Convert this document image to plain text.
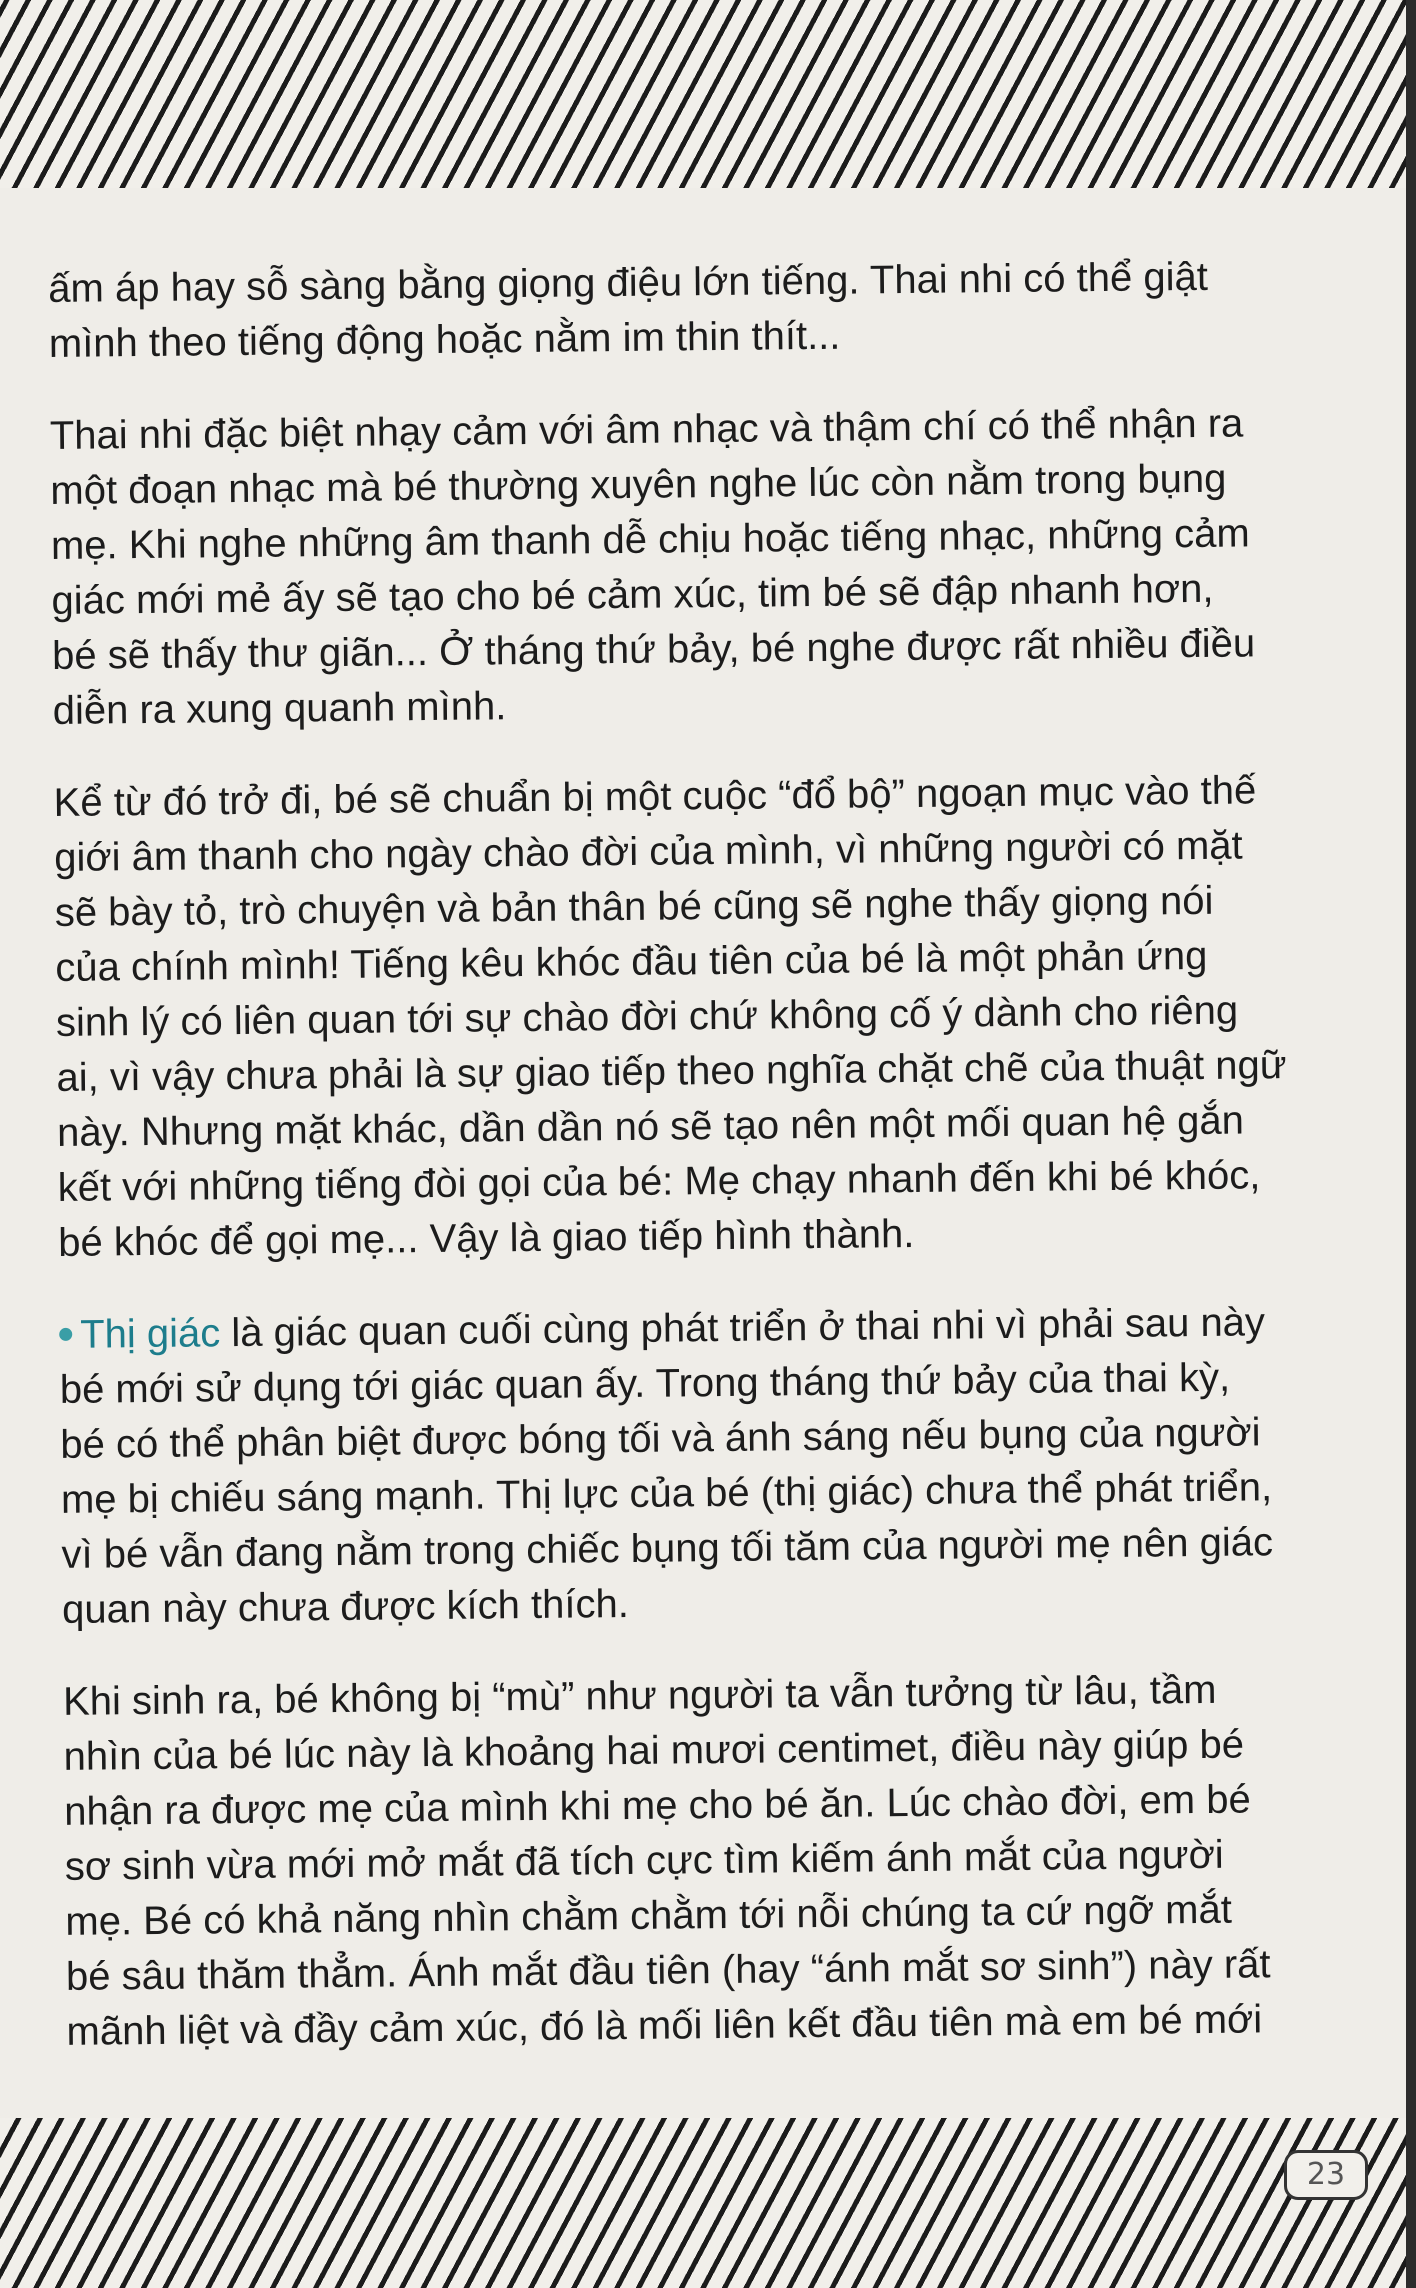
ấm áp hay sỗ sàng bằng giọng điệu lớn tiếng. Thai nhi có thể giật
mình theo tiếng động hoặc nằm im thin thít...

Thai nhi đặc biệt nhạy cảm với âm nhạc và thậm chí có thể nhận ra
một đoạn nhạc mà bé thường xuyên nghe lúc còn nằm trong bụng
mẹ. Khi nghe những âm thanh dễ chịu hoặc tiếng nhạc, những cảm
giác mới mẻ ấy sẽ tạo cho bé cảm xúc, tim bé sẽ đập nhanh hơn,
bé sẽ thấy thư giãn... Ở tháng thứ bảy, bé nghe được rất nhiều điều
diễn ra xung quanh mình.

Kể từ đó trở đi, bé sẽ chuẩn bị một cuộc “đổ bộ” ngoạn mục vào thế
giới âm thanh cho ngày chào đời của mình, vì những người có mặt
sẽ bày tỏ, trò chuyện và bản thân bé cũng sẽ nghe thấy giọng nói
của chính mình! Tiếng kêu khóc đầu tiên của bé là một phản ứng
sinh lý có liên quan tới sự chào đời chứ không cố ý dành cho riêng
ai, vì vậy chưa phải là sự giao tiếp theo nghĩa chặt chẽ của thuật ngữ
này. Nhưng mặt khác, dần dần nó sẽ tạo nên một mối quan hệ gắn
kết với những tiếng đòi gọi của bé: Mẹ chạy nhanh đến khi bé khóc,
bé khóc để gọi mẹ... Vậy là giao tiếp hình thành.

Thị giác là giác quan cuối cùng phát triển ở thai nhi vì phải sau này
bé mới sử dụng tới giác quan ấy. Trong tháng thứ bảy của thai kỳ,
bé có thể phân biệt được bóng tối và ánh sáng nếu bụng của người
mẹ bị chiếu sáng mạnh. Thị lực của bé (thị giác) chưa thể phát triển,
vì bé vẫn đang nằm trong chiếc bụng tối tăm của người mẹ nên giác
quan này chưa được kích thích.

Khi sinh ra, bé không bị “mù” như người ta vẫn tưởng từ lâu, tầm
nhìn của bé lúc này là khoảng hai mươi centimet, điều này giúp bé
nhận ra được mẹ của mình khi mẹ cho bé ăn. Lúc chào đời, em bé
sơ sinh vừa mới mở mắt đã tích cực tìm kiếm ánh mắt của người
mẹ. Bé có khả năng nhìn chằm chằm tới nỗi chúng ta cứ ngỡ mắt
bé sâu thăm thẳm. Ánh mắt đầu tiên (hay “ánh mắt sơ sinh”) này rất
mãnh liệt và đầy cảm xúc, đó là mối liên kết đầu tiên mà em bé mới

23
